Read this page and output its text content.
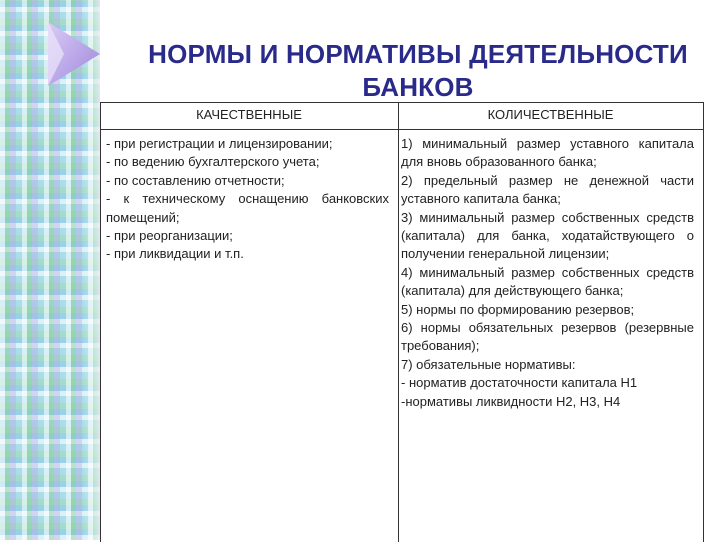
НОРМЫ И НОРМАТИВЫ ДЕЯТЕЛЬНОСТИ БАНКОВ

КАЧЕСТВЕННЫЕ	КОЛИЧЕСТВЕННЫЕ

- при регистрации и лицензировании;
- по ведению бухгалтерского учета;
- по составлению отчетности;
- к техническому оснащению банковских помещений;
- при реорганизации;
- при ликвидации и т.п.
1) минимальный размер уставного капитала для вновь образованного банка;
2) предельный размер не денежной части уставного капитала банка;
3) минимальный размер собственных средств (капитала) для банка, ходатайствующего о получении генеральной лицензии;
4) минимальный размер собственных средств (капитала) для действующего банка;
5) нормы по формированию резервов;
6) нормы обязательных резервов (резервные требования);
7) обязательные нормативы:
- норматив достаточности капитала Н1
-нормативы ликвидности Н2, Н3, Н4
